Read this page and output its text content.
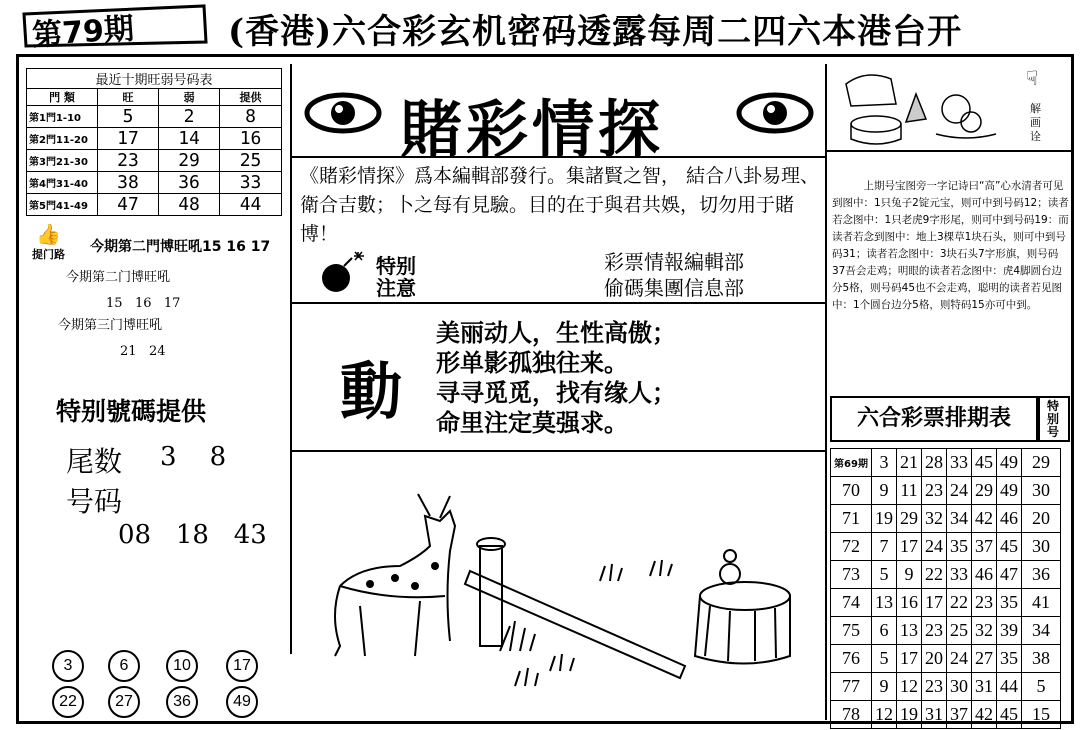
第79期	(香港)六合彩玄机密码透露每周二四六本港台开
最近十期旺弱号码表			
門 類	旺	弱	提供
第1門1-10	5	2	8
第2門11-20	17	14	16
第3門21-30	23	29	25
第4門31-40	38	36	33
第5門41-49	47	48	44
👍
提门路 今期第二門博旺吼15 16 17
今期第二门博旺吼
15   16   17
今期第三门博旺吼
21   24
特别號碼提供
尾数 3    8
号码
08   18   43
3	6	10	17
22	27	36	49
賭彩情探
《賭彩情探》爲本編輯部發行。集諸賢之智， 結合八卦易理、衛合吉數；卜之每有見驗。目的在于與君共娛，切勿用于賭博！
特别
注意
彩票情報編輯部
偷碼集團信息部
動
美丽动人，生性高傲；
形单影孤独往来。
寻寻觅觅，找有缘人；
命里注定莫强求。
☟
解画诠
上期号宝图旁一字记诗曰“高”心水清者可见到图中：1只兔子2锭元宝，则可中到号码12；读者若念图中：1只老虎9字形尾，则可中到号码19：而读者若念到图中：地上3棵草1块石头，则可中到号码31；读者若念图中：3块石头7字形旗，则号码37吾会走鸡；明眼的读者若念图中：虎4脚圆台边分5格，则号码45也不会走鸡，聪明的读者若见图中：1个圆台边分5格，则特码15亦可中到。
六合彩票排期表	特别号
第69期	3	21	28	33	45	49	29
70	9	11	23	24	29	49	30
71	19	29	32	34	42	46	20
72	7	17	24	35	37	45	30
73	5	9	22	33	46	47	36
74	13	16	17	22	23	35	41
75	6	13	23	25	32	39	34
76	5	17	20	24	27	35	38
77	9	12	23	30	31	44	5
78	12	19	31	37	42	45	15
